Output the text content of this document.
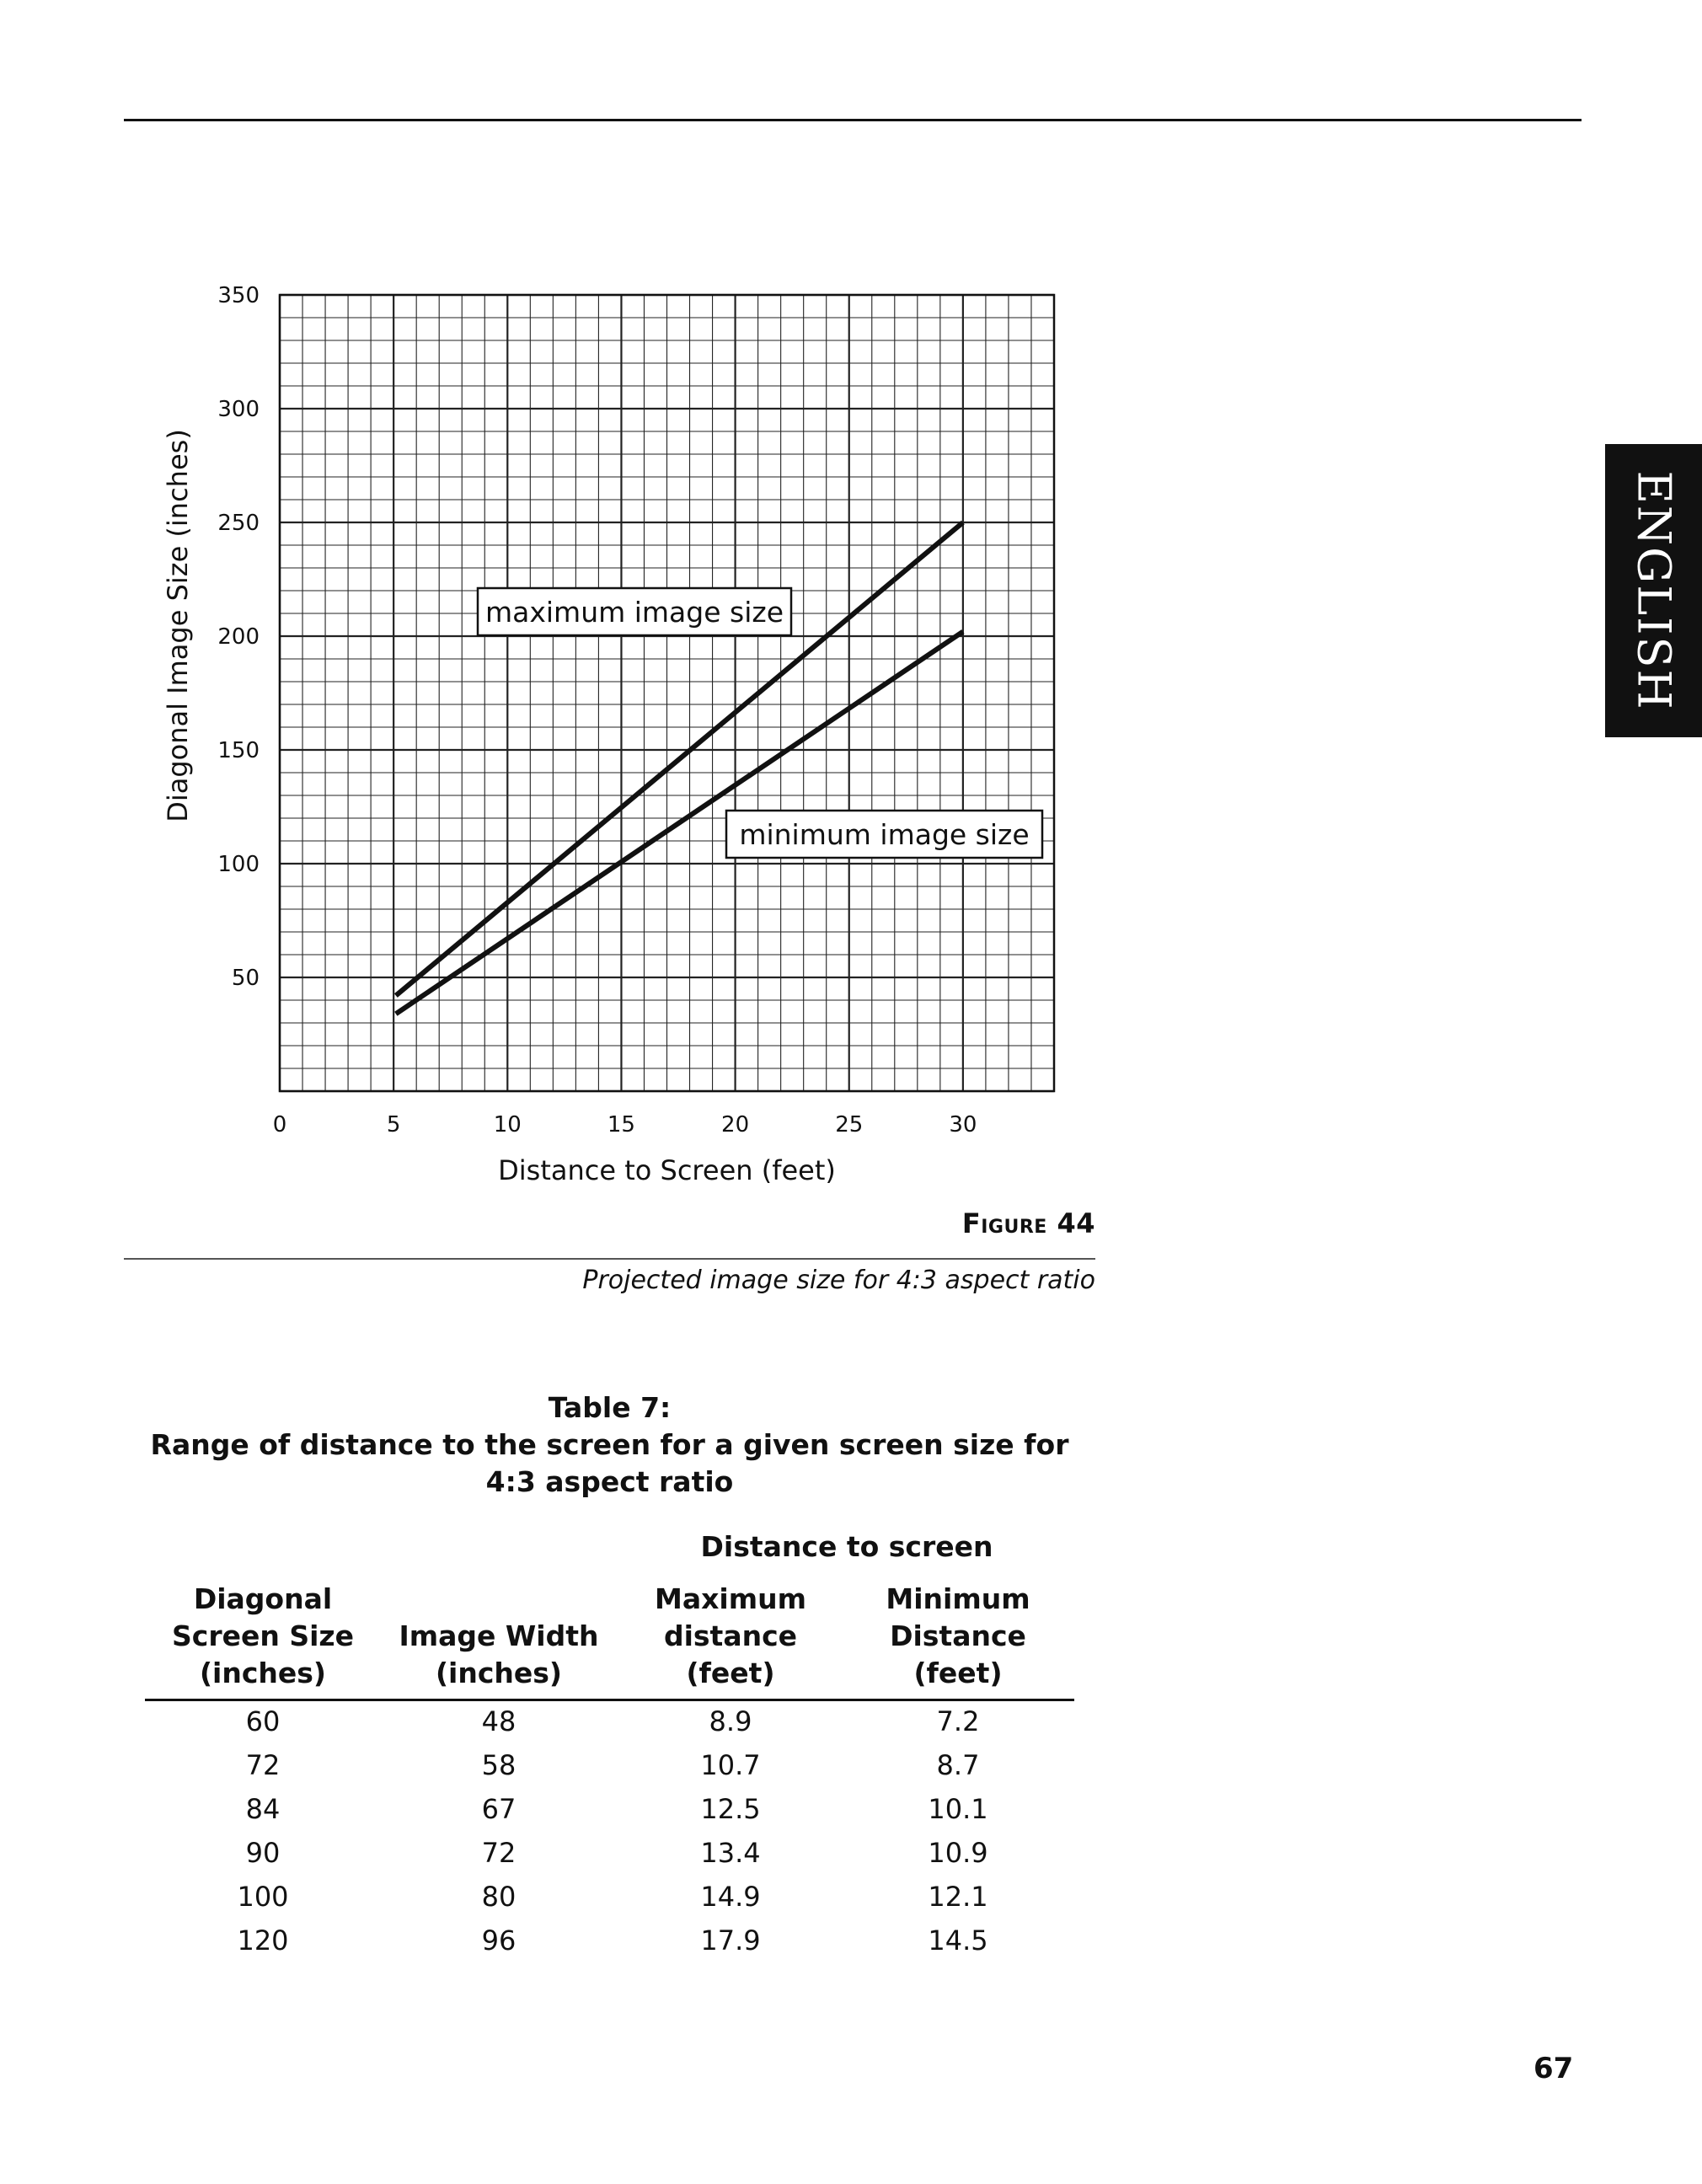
ENGLISH
0	5	10	15	20	25	30
50
100
150
200
250
300
350
Distance to Screen (feet)
Diagonal Image Size (inches)	maximum image size
minimum image size
Figure 44
Projected image size for 4:3 aspect ratio
Table 7:
Range of distance to the screen for a given screen size for 4:3 aspect ratio
Distance to screen
Diagonal
Screen Size
(inches)
Image Width
(inches)
Maximum
distance
(feet)
Minimum
Distance
(feet)
60	48	8.9	7.2
72	58	10.7	8.7
84	67	12.5	10.1
90	72	13.4	10.9
100	80	14.9	12.1
120	96	17.9	14.5
67
